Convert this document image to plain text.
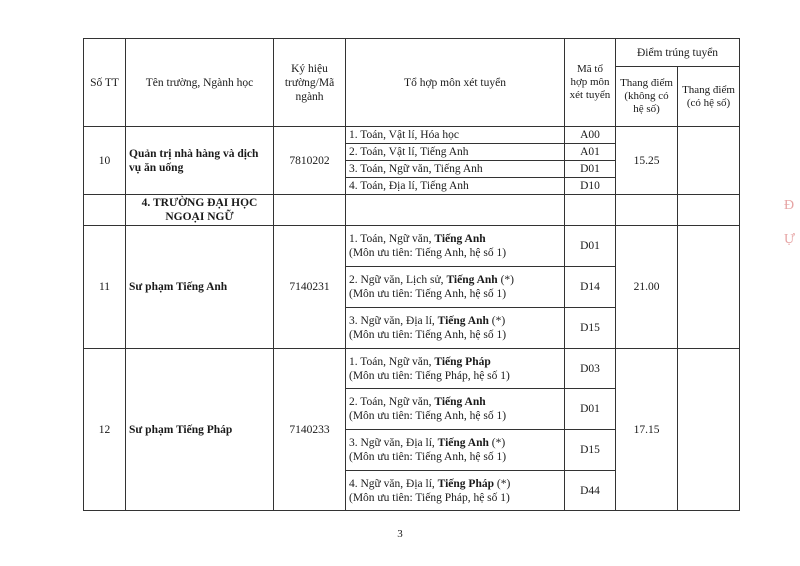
Số TT	Tên trường, Ngành học	Ký hiệu trường/Mã ngành	Tổ hợp môn xét tuyển	Mã tổ hợp môn xét tuyển	Điểm trúng tuyển	
					Thang điểm (không có hệ số)	Thang điểm (có hệ số)
10	Quản trị nhà hàng và dịch vụ ăn uống	7810202	1. Toán, Vật lí, Hóa học	A00	15.25	

			2. Toán, Vật lí, Tiếng Anh	A01		

			3. Toán, Ngữ văn, Tiếng Anh	D01		

			4. Toán, Địa lí, Tiếng Anh	D10		
	4. TRƯỜNG ĐẠI HỌC NGOẠI NGỮ					
11	Sư phạm Tiếng Anh	7140231	1. Toán, Ngữ văn, Tiếng Anh
(Môn ưu tiên: Tiếng Anh, hệ số 1)	D01	21.00	

			2. Ngữ văn, Lịch sử, Tiếng Anh (*)
(Môn ưu tiên: Tiếng Anh, hệ số 1)	D14		

			3. Ngữ văn, Địa lí, Tiếng Anh (*)
(Môn ưu tiên: Tiếng Anh, hệ số 1)	D15		
12	Sư phạm Tiếng Pháp	7140233	1. Toán, Ngữ văn, Tiếng Pháp
(Môn ưu tiên: Tiếng Pháp, hệ số 1)	D03	17.15	

			2. Toán, Ngữ văn, Tiếng Anh
(Môn ưu tiên: Tiếng Anh, hệ số 1)	D01		

			3. Ngữ văn, Địa lí, Tiếng Anh (*)
(Môn ưu tiên: Tiếng Anh, hệ số 1)	D15		

			4. Ngữ văn, Địa lí, Tiếng Pháp (*)
(Môn ưu tiên: Tiếng Pháp, hệ số 1)	D44		
3
Đ
Ự
